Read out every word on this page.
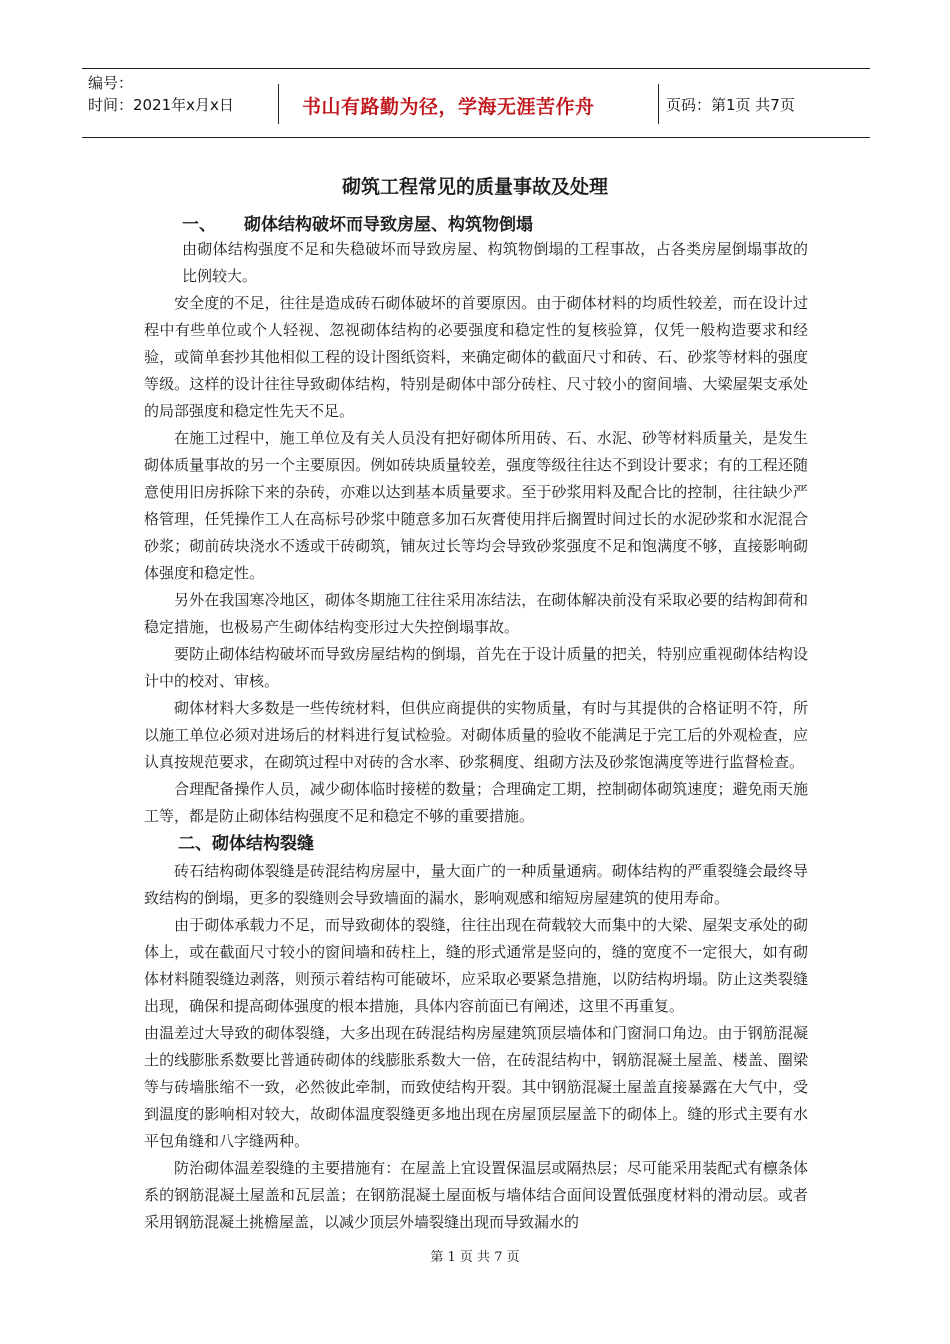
编号：
时间：2021年x月x日	书山有路勤为径，学海无涯苦作舟	页码：第1页 共7页
砌筑工程常见的质量事故及处理
一、 砌体结构破坏而导致房屋、构筑物倒塌

由砌体结构强度不足和失稳破坏而导致房屋、构筑物倒塌的工程事故，占各类房屋倒塌事故的比例较大。

安全度的不足，往往是造成砖石砌体破坏的首要原因。由于砌体材料的均质性较差，而在设计过程中有些单位或个人轻视、忽视砌体结构的必要强度和稳定性的复核验算，仅凭一般构造要求和经验，或简单套抄其他相似工程的设计图纸资料，来确定砌体的截面尺寸和砖、石、砂浆等材料的强度等级。这样的设计往往导致砌体结构，特别是砌体中部分砖柱、尺寸较小的窗间墙、大梁屋架支承处的局部强度和稳定性先天不足。

在施工过程中，施工单位及有关人员没有把好砌体所用砖、石、水泥、砂等材料质量关，是发生砌体质量事故的另一个主要原因。例如砖块质量较差，强度等级往往达不到设计要求；有的工程还随意使用旧房拆除下来的杂砖，亦难以达到基本质量要求。至于砂浆用料及配合比的控制，往往缺少严格管理，任凭操作工人在高标号砂浆中随意多加石灰膏使用拌后搁置时间过长的水泥砂浆和水泥混合砂浆；砌前砖块浇水不透或干砖砌筑，铺灰过长等均会导致砂浆强度不足和饱满度不够，直接影响砌体强度和稳定性。

另外在我国寒冷地区，砌体冬期施工往往采用冻结法，在砌体解决前没有采取必要的结构卸荷和稳定措施，也极易产生砌体结构变形过大失控倒塌事故。

要防止砌体结构破坏而导致房屋结构的倒塌，首先在于设计质量的把关，特别应重视砌体结构设计中的校对、审核。

砌体材料大多数是一些传统材料，但供应商提供的实物质量，有时与其提供的合格证明不符，所以施工单位必须对进场后的材料进行复试检验。对砌体质量的验收不能满足于完工后的外观检查，应认真按规范要求，在砌筑过程中对砖的含水率、砂浆稠度、组砌方法及砂浆饱满度等进行监督检查。

合理配备操作人员，减少砌体临时接槎的数量；合理确定工期，控制砌体砌筑速度；避免雨天施工等，都是防止砌体结构强度不足和稳定不够的重要措施。

二、砌体结构裂缝

砖石结构砌体裂缝是砖混结构房屋中，量大面广的一种质量通病。砌体结构的严重裂缝会最终导致结构的倒塌，更多的裂缝则会导致墙面的漏水，影响观感和缩短房屋建筑的使用寿命。

由于砌体承载力不足，而导致砌体的裂缝，往往出现在荷载较大而集中的大梁、屋架支承处的砌体上，或在截面尺寸较小的窗间墙和砖柱上，缝的形式通常是竖向的，缝的宽度不一定很大，如有砌体材料随裂缝边剥落，则预示着结构可能破坏，应采取必要紧急措施，以防结构坍塌。防止这类裂缝出现，确保和提高砌体强度的根本措施，具体内容前面已有阐述，这里不再重复。

由温差过大导致的砌体裂缝，大多出现在砖混结构房屋建筑顶层墙体和门窗洞口角边。由于钢筋混凝土的线膨胀系数要比普通砖砌体的线膨胀系数大一倍，在砖混结构中，钢筋混凝土屋盖、楼盖、圈梁等与砖墙胀缩不一致，必然彼此牵制，而致使结构开裂。其中钢筋混凝土屋盖直接暴露在大气中，受到温度的影响相对较大，故砌体温度裂缝更多地出现在房屋顶层屋盖下的砌体上。缝的形式主要有水平包角缝和八字缝两种。

防治砌体温差裂缝的主要措施有：在屋盖上宜设置保温层或隔热层；尽可能采用装配式有檩条体系的钢筋混凝土屋盖和瓦层盖；在钢筋混凝土屋面板与墙体结合面间设置低强度材料的滑动层。或者采用钢筋混凝土挑檐屋盖，以减少顶层外墙裂缝出现而导致漏水的

第 1 页 共 7 页
